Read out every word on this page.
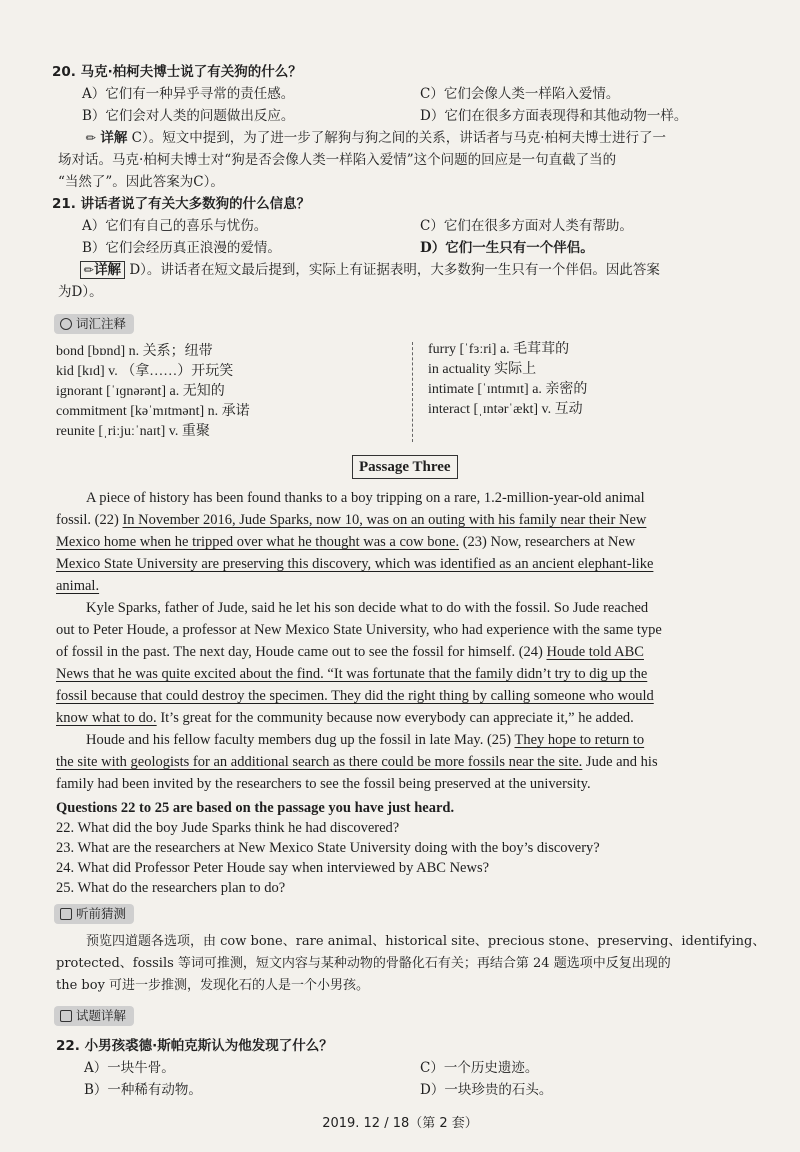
20. 马克·柏柯夫博士说了有关狗的什么？
A）它们有一种异乎寻常的责任感。	C）它们会像人类一样陷入爱情。
B）它们会对人类的问题做出反应。	D）它们在很多方面表现得和其他动物一样。
✎ 详解 C）。短文中提到，为了进一步了解狗与狗之间的关系，讲话者与马克·柏柯夫博士进行了一
场对话。马克·柏柯夫博士对“狗是否会像人类一样陷入爱情”这个问题的回应是一句直截了当的
“当然了”。因此答案为C）。
21. 讲话者说了有关大多数狗的什么信息？
A）它们有自己的喜乐与忧伤。	C）它们在很多方面对人类有帮助。
B）它们会经历真正浪漫的爱情。	D）它们一生只有一个伴侣。
✎详解 D）。讲话者在短文最后提到，实际上有证据表明，大多数狗一生只有一个伴侣。因此答案
为D）。
词汇注释
bond [bɒnd] n. 关系；纽带
kid [kɪd] v. （拿……）开玩笑
ignorant [ˈɪɡnərənt] a. 无知的
commitment [kəˈmɪtmənt] n. 承诺
reunite [ˌriːjuːˈnaɪt] v. 重聚
furry [ˈfɜːri] a. 毛茸茸的
in actuality 实际上
intimate [ˈɪntɪmɪt] a. 亲密的
interact [ˌɪntərˈækt] v. 互动
Passage Three
A piece of history has been found thanks to a boy tripping on a rare, 1.2-million-year-old animal
fossil. (22) In November 2016, Jude Sparks, now 10, was on an outing with his family near their New
Mexico home when he tripped over what he thought was a cow bone. (23) Now, researchers at New
Mexico State University are preserving this discovery, which was identified as an ancient elephant-like
animal.
Kyle Sparks, father of Jude, said he let his son decide what to do with the fossil. So Jude reached
out to Peter Houde, a professor at New Mexico State University, who had experience with the same type
of fossil in the past. The next day, Houde came out to see the fossil for himself. (24) Houde told ABC
News that he was quite excited about the find. “It was fortunate that the family didn’t try to dig up the
fossil because that could destroy the specimen. They did the right thing by calling someone who would
know what to do. It’s great for the community because now everybody can appreciate it,” he added.
Houde and his fellow faculty members dug up the fossil in late May. (25) They hope to return to
the site with geologists for an additional search as there could be more fossils near the site. Jude and his
family had been invited by the researchers to see the fossil being preserved at the university.
Questions 22 to 25 are based on the passage you have just heard.
22. What did the boy Jude Sparks think he had discovered?
23. What are the researchers at New Mexico State University doing with the boy’s discovery?
24. What did Professor Peter Houde say when interviewed by ABC News?
25. What do the researchers plan to do?
听前猜测
预览四道题各选项，由 cow bone、rare animal、historical site、precious stone、preserving、identifying、
protected、fossils 等词可推测，短文内容与某种动物的骨骼化石有关；再结合第 24 题选项中反复出现的
the boy 可进一步推测，发现化石的人是一个小男孩。
试题详解
22. 小男孩裘德·斯帕克斯认为他发现了什么？
A）一块牛骨。	C）一个历史遗迹。
B）一种稀有动物。	D）一块珍贵的石头。
2019. 12 / 18（第 2 套）
